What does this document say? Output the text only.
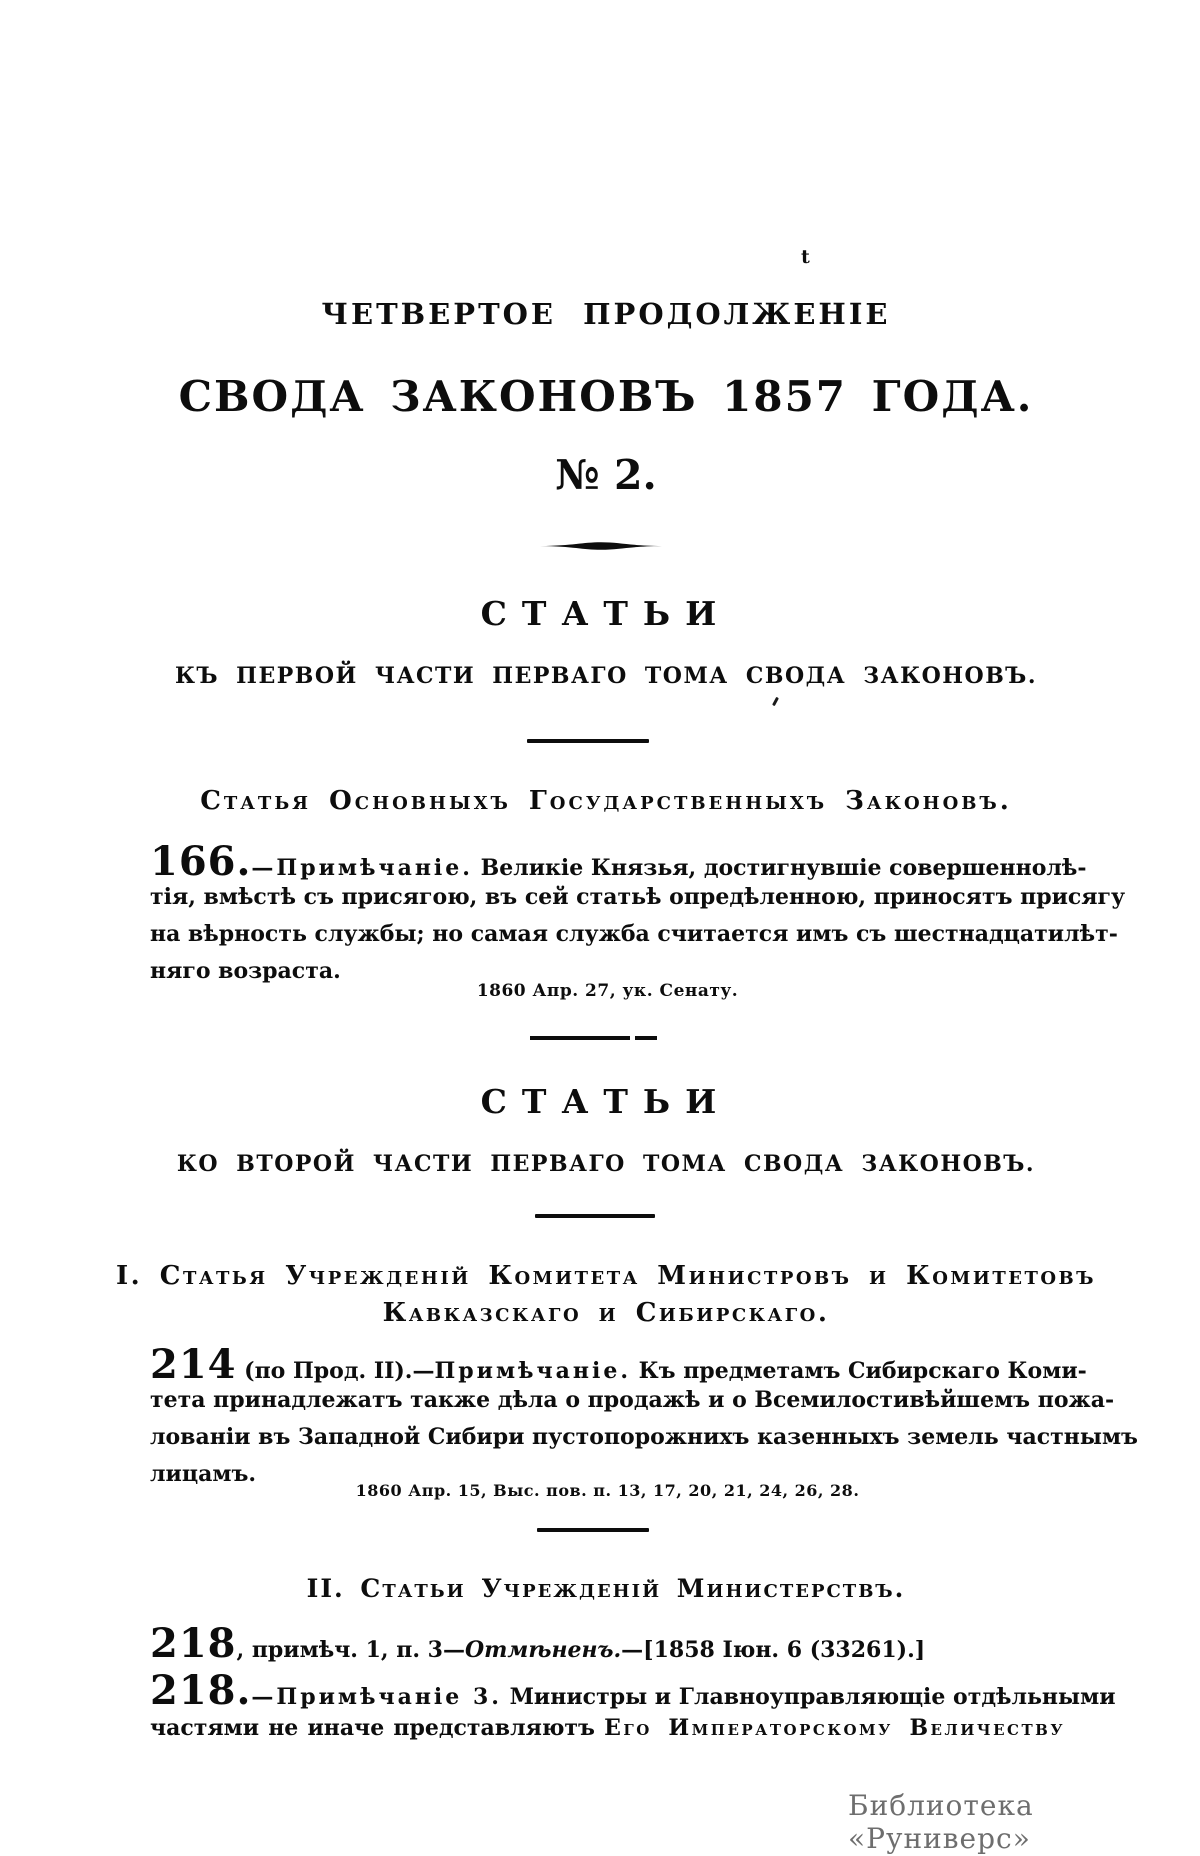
t
ЧЕТВЕРТОЕ ПРОДОЛЖЕНІЕ
СВОДА ЗАКОНОВЪ 1857 ГОДА.
№ 2.
СТАТЬИ
КЪ ПЕРВОЙ ЧАСТИ ПЕРВАГО ТОМА СВОДА ЗАКОНОВЪ.
Статья Основныхъ Государственныхъ Законовъ.
166.—Примѣчаніе. Великіе Князья, достигнувшіе совершеннолѣ-
тія, вмѣстѣ съ присягою, въ сей статьѣ опредѣленною, приносятъ присягу
на вѣрность службы; но самая служба считается имъ съ шестнадцатилѣт-
няго возраста.
1860 Апр. 27, ук. Сенату.
СТАТЬИ
КО ВТОРОЙ ЧАСТИ ПЕРВАГО ТОМА СВОДА ЗАКОНОВЪ.
I. Статья Учрежденій Комитета Министровъ и Комитетовъ
Кавказскаго и Сибирскаго.
214 (по Прод. II).—Примѣчаніе. Къ предметамъ Сибирскаго Коми-
тета принадлежатъ также дѣла о продажѣ и о Всемилостивѣйшемъ пожа-
лованіи въ Западной Сибири пустопорожнихъ казенныхъ земель частнымъ
лицамъ.
1860 Апр. 15, Выс. пов. п. 13, 17, 20, 21, 24, 26, 28.
II. Статьи Учрежденій Министерствъ.
218, примѣч. 1, п. 3—Отмѣненъ.—[1858 Іюн. 6 (33261).]
218.—Примѣчаніе 3. Министры и Главноуправляющіе отдѣльными
частями не иначе представляютъ Его Императорскому Величеству
Библиотека «Руниверс»
